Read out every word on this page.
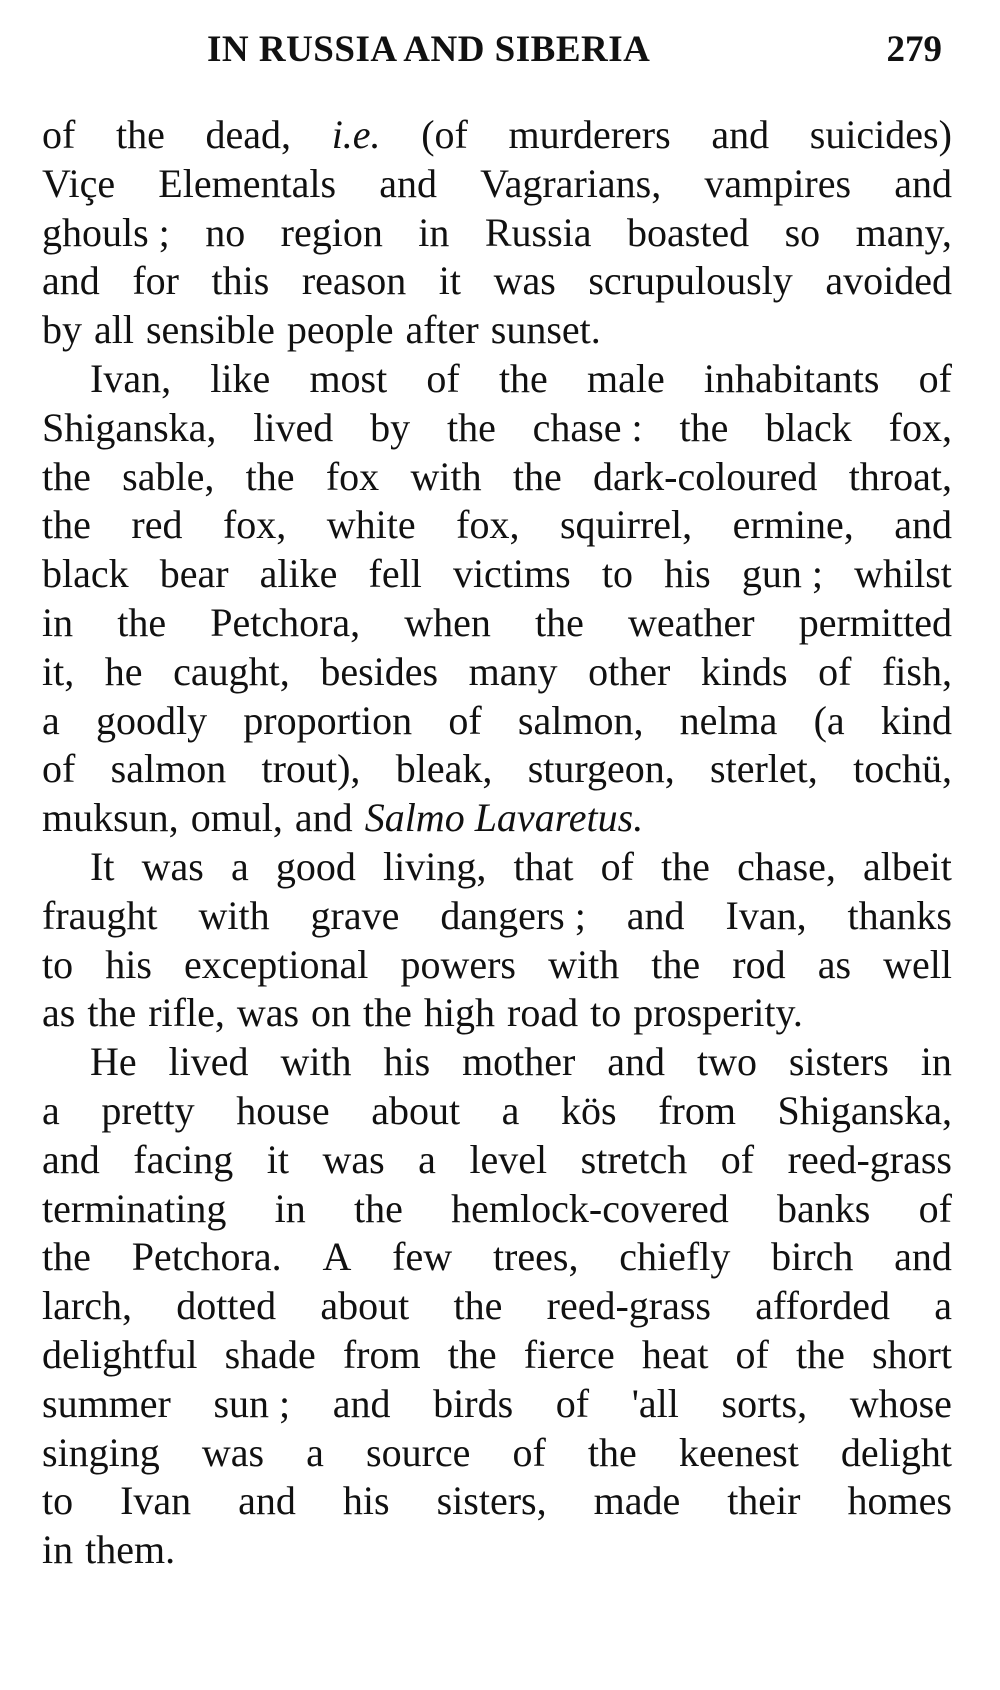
IN RUSSIA AND SIBERIA	279
of the dead, i.e. (of murderers and suicides)
Viçe Elementals and Vagrarians, vampires and
ghouls ; no region in Russia boasted so many,
and for this reason it was scrupulously avoided
by all sensible people after sunset.
Ivan, like most of the male inhabitants of
Shiganska, lived by the chase : the black fox,
the sable, the fox with the dark-coloured throat,
the red fox, white fox, squirrel, ermine, and
black bear alike fell victims to his gun ; whilst
in the Petchora, when the weather permitted
it, he caught, besides many other kinds of fish,
a goodly proportion of salmon, nelma (a kind
of salmon trout), bleak, sturgeon, sterlet, tochü,
muksun, omul, and Salmo Lavaretus.
It was a good living, that of the chase, albeit
fraught with grave dangers ; and Ivan, thanks
to his exceptional powers with the rod as well
as the rifle, was on the high road to prosperity.
He lived with his mother and two sisters in
a pretty house about a kös from Shiganska,
and facing it was a level stretch of reed-grass
terminating in the hemlock-covered banks of
the Petchora. A few trees, chiefly birch and
larch, dotted about the reed-grass afforded a
delightful shade from the fierce heat of the short
summer sun ; and birds of 'all sorts, whose
singing was a source of the keenest delight
to Ivan and his sisters, made their homes
in them.
